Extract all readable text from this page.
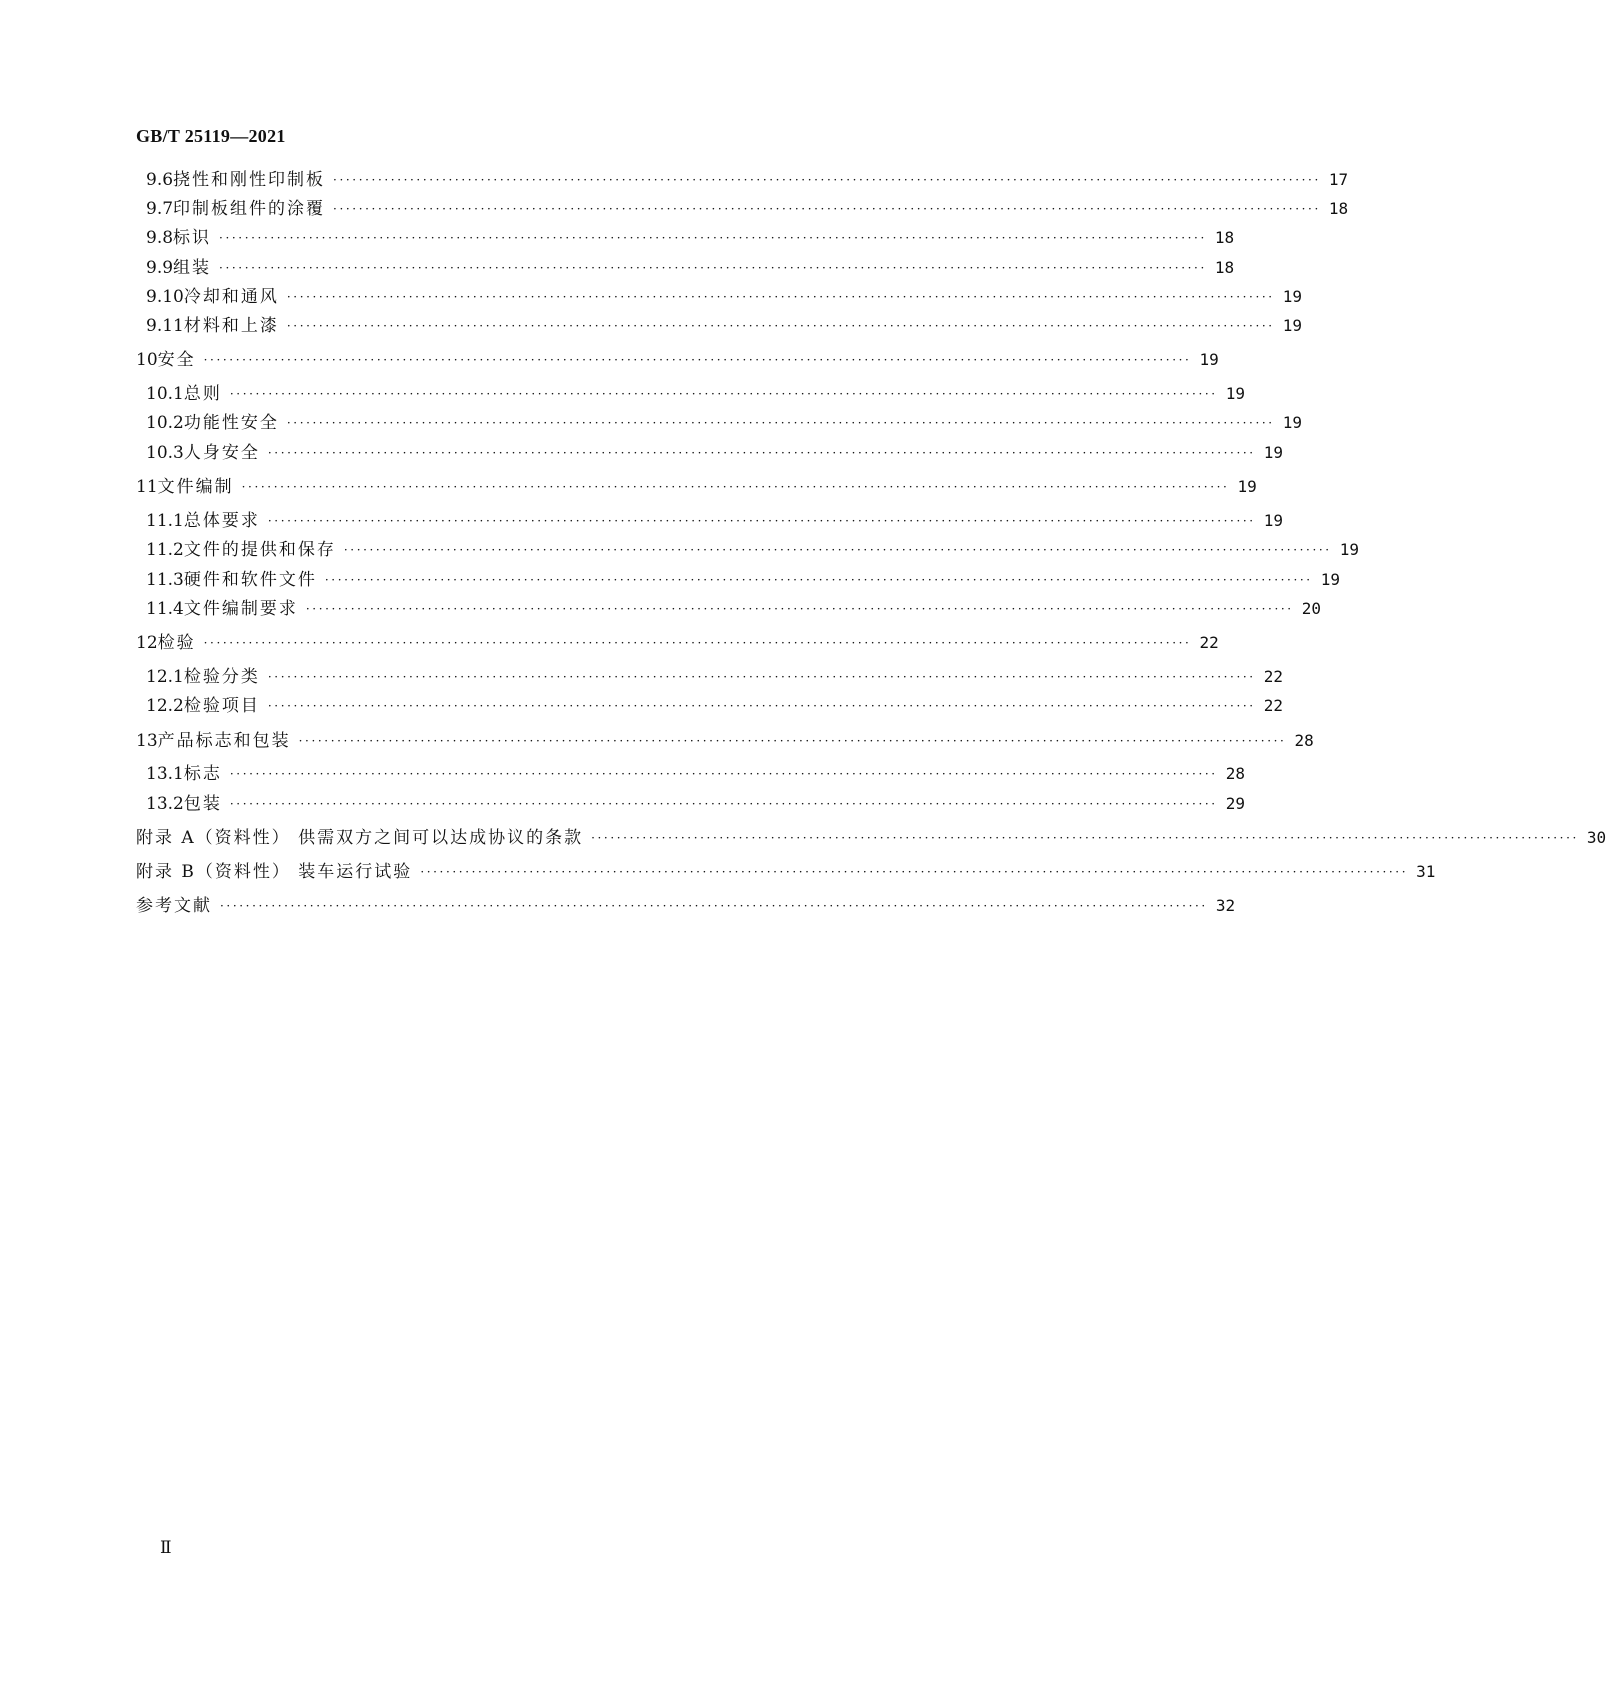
GB/T 25119—2021
9.6 挠性和刚性印制板 ·························································································································································· 17
9.7 印制板组件的涂覆 ·························································································································································· 18
9.8 标识 ·························································································································································· 18
9.9 组装 ·························································································································································· 18
9.10 冷却和通风 ·························································································································································· 19
9.11 材料和上漆 ·························································································································································· 19
10 安全 ·························································································································································· 19
10.1 总则 ·························································································································································· 19
10.2 功能性安全 ·························································································································································· 19
10.3 人身安全 ·························································································································································· 19
11 文件编制 ·························································································································································· 19
11.1 总体要求 ·························································································································································· 19
11.2 文件的提供和保存 ·························································································································································· 19
11.3 硬件和软件文件 ·························································································································································· 19
11.4 文件编制要求 ·························································································································································· 20
12 检验 ·························································································································································· 22
12.1 检验分类 ·························································································································································· 22
12.2 检验项目 ·························································································································································· 22
13 产品标志和包装 ·························································································································································· 28
13.1 标志 ·························································································································································· 28
13.2 包装 ·························································································································································· 29
附录 A（资料性） 供需双方之间可以达成协议的条款 ·························································································································································· 30
附录 B（资料性） 装车运行试验 ·························································································································································· 31
参考文献 ·························································································································································· 32
Ⅱ
